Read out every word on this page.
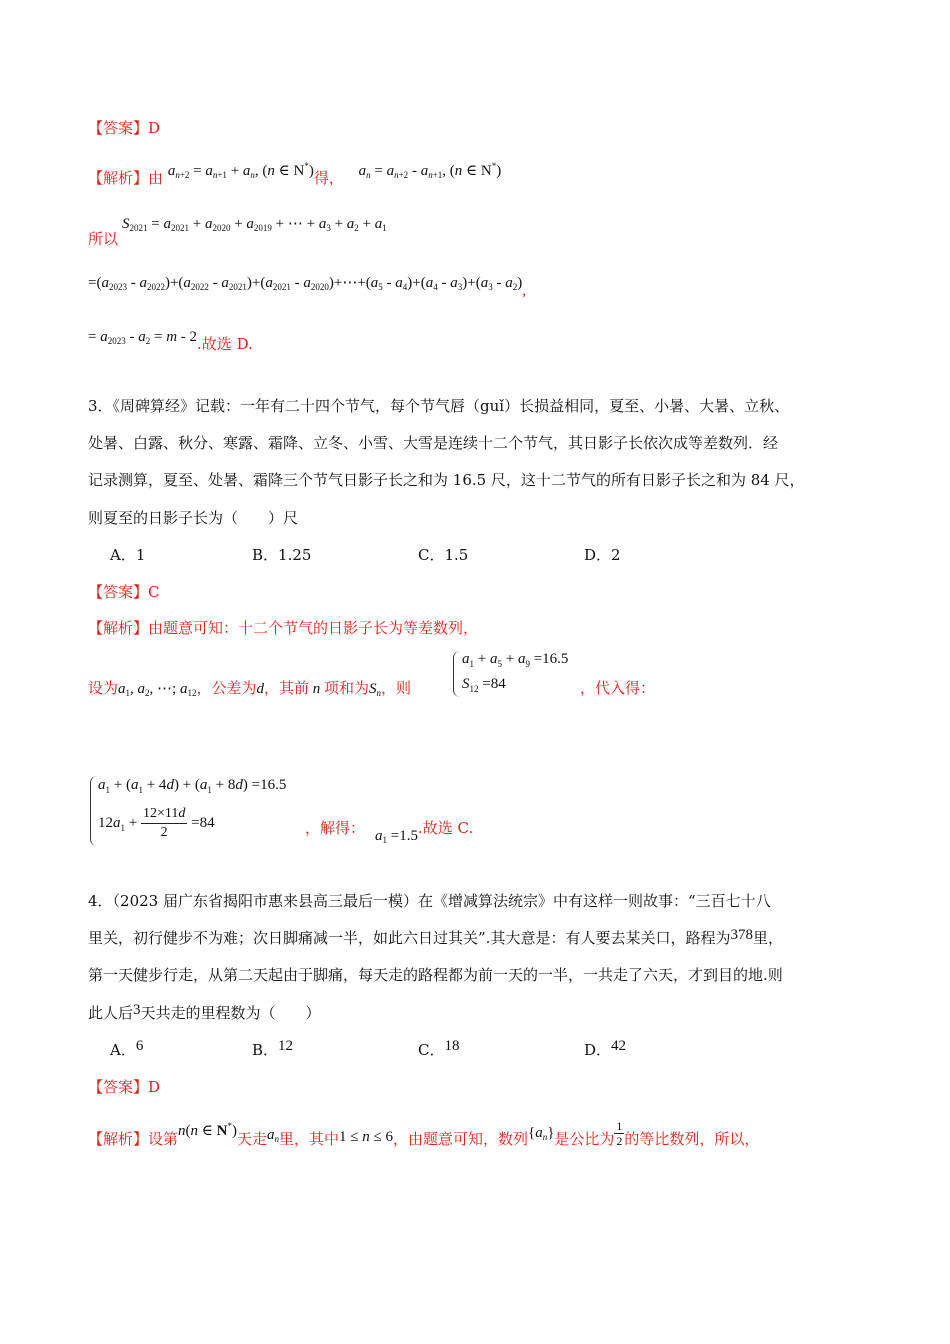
【答案】D
【解析】由 $a_{n+2} = a_{n+1} + a_n$, (n ∈ N*)得， $a_n = a_{n+2} - a_{n+1}$, (n ∈ N*)
$S_{2021} = a_{2021} + a_{2020} + a_{2019}$ + ⋯ + $a_3 + a_2 + a_1$
所以
$=(a_{2023} - a_{2022})+(a_{2022} - a_{2021})+(a_{2021}$ - $a_{2020})+\cdots+(a_5 - a_4)+(a_4 - a_3)+(a_3 - a_2)$,
= $a_{2023} - a_2 = m - 2$.故选 D.
3．《周碑算经》记载：一年有二十四个节气，每个节气唇（guǐ）长损益相同，夏至、小暑、大暑、立秋、
处暑、白露、秋分、寒露、霜降、立冬、小雪、大雪是连续十二个节气，其日影子长依次成等差数列．经
记录测算，夏至、处暑、霜降三个节气日影子长之和为 16.5 尺，这十二节气的所有日影子长之和为 84 尺，
则夏至的日影子长为（　　）尺
A．1	B．1.25	C．1.5	D．2
【答案】C
【解析】由题意可知：十二个节气的日影子长为等差数列，
设为$a_1$, $a_2$, ⋯; $a_{12}$，公差为d，其前 n 项和为$S_n$，则
$a_1 + a_5 + a_9 =16.5$
$S_{12} =84$	，代入得：
$a_1 + (a_1 + 4d) + (a_1 + 8d) =16.5$
$12a_1 + \frac{12\times 11d}{2} =84$	，解得： $a_1 =1.5$.故选 C.
4．（2023 届广东省揭阳市惠来县高三最后一模）在《增减算法统宗》中有这样一则故事：“三百七十八
里关，初行健步不为难；次日脚痛减一半，如此六日过其关”.其大意是：有人要去某关口，路程为378里，
第一天健步行走，从第二天起由于脚痛，每天走的路程都为前一天的一半，一共走了六天，才到目的地.则
此人后3天共走的里程数为（　　）
A．6	B．12	C．18	D．42
【答案】D
【解析】设第n(n ∈ N*)天走$a_n$里，其中1 ≤ n ≤ 6，由题意可知，数列$\{a_n\}$是公比为 $\frac{1}{2}$ 的等比数列，所以，
